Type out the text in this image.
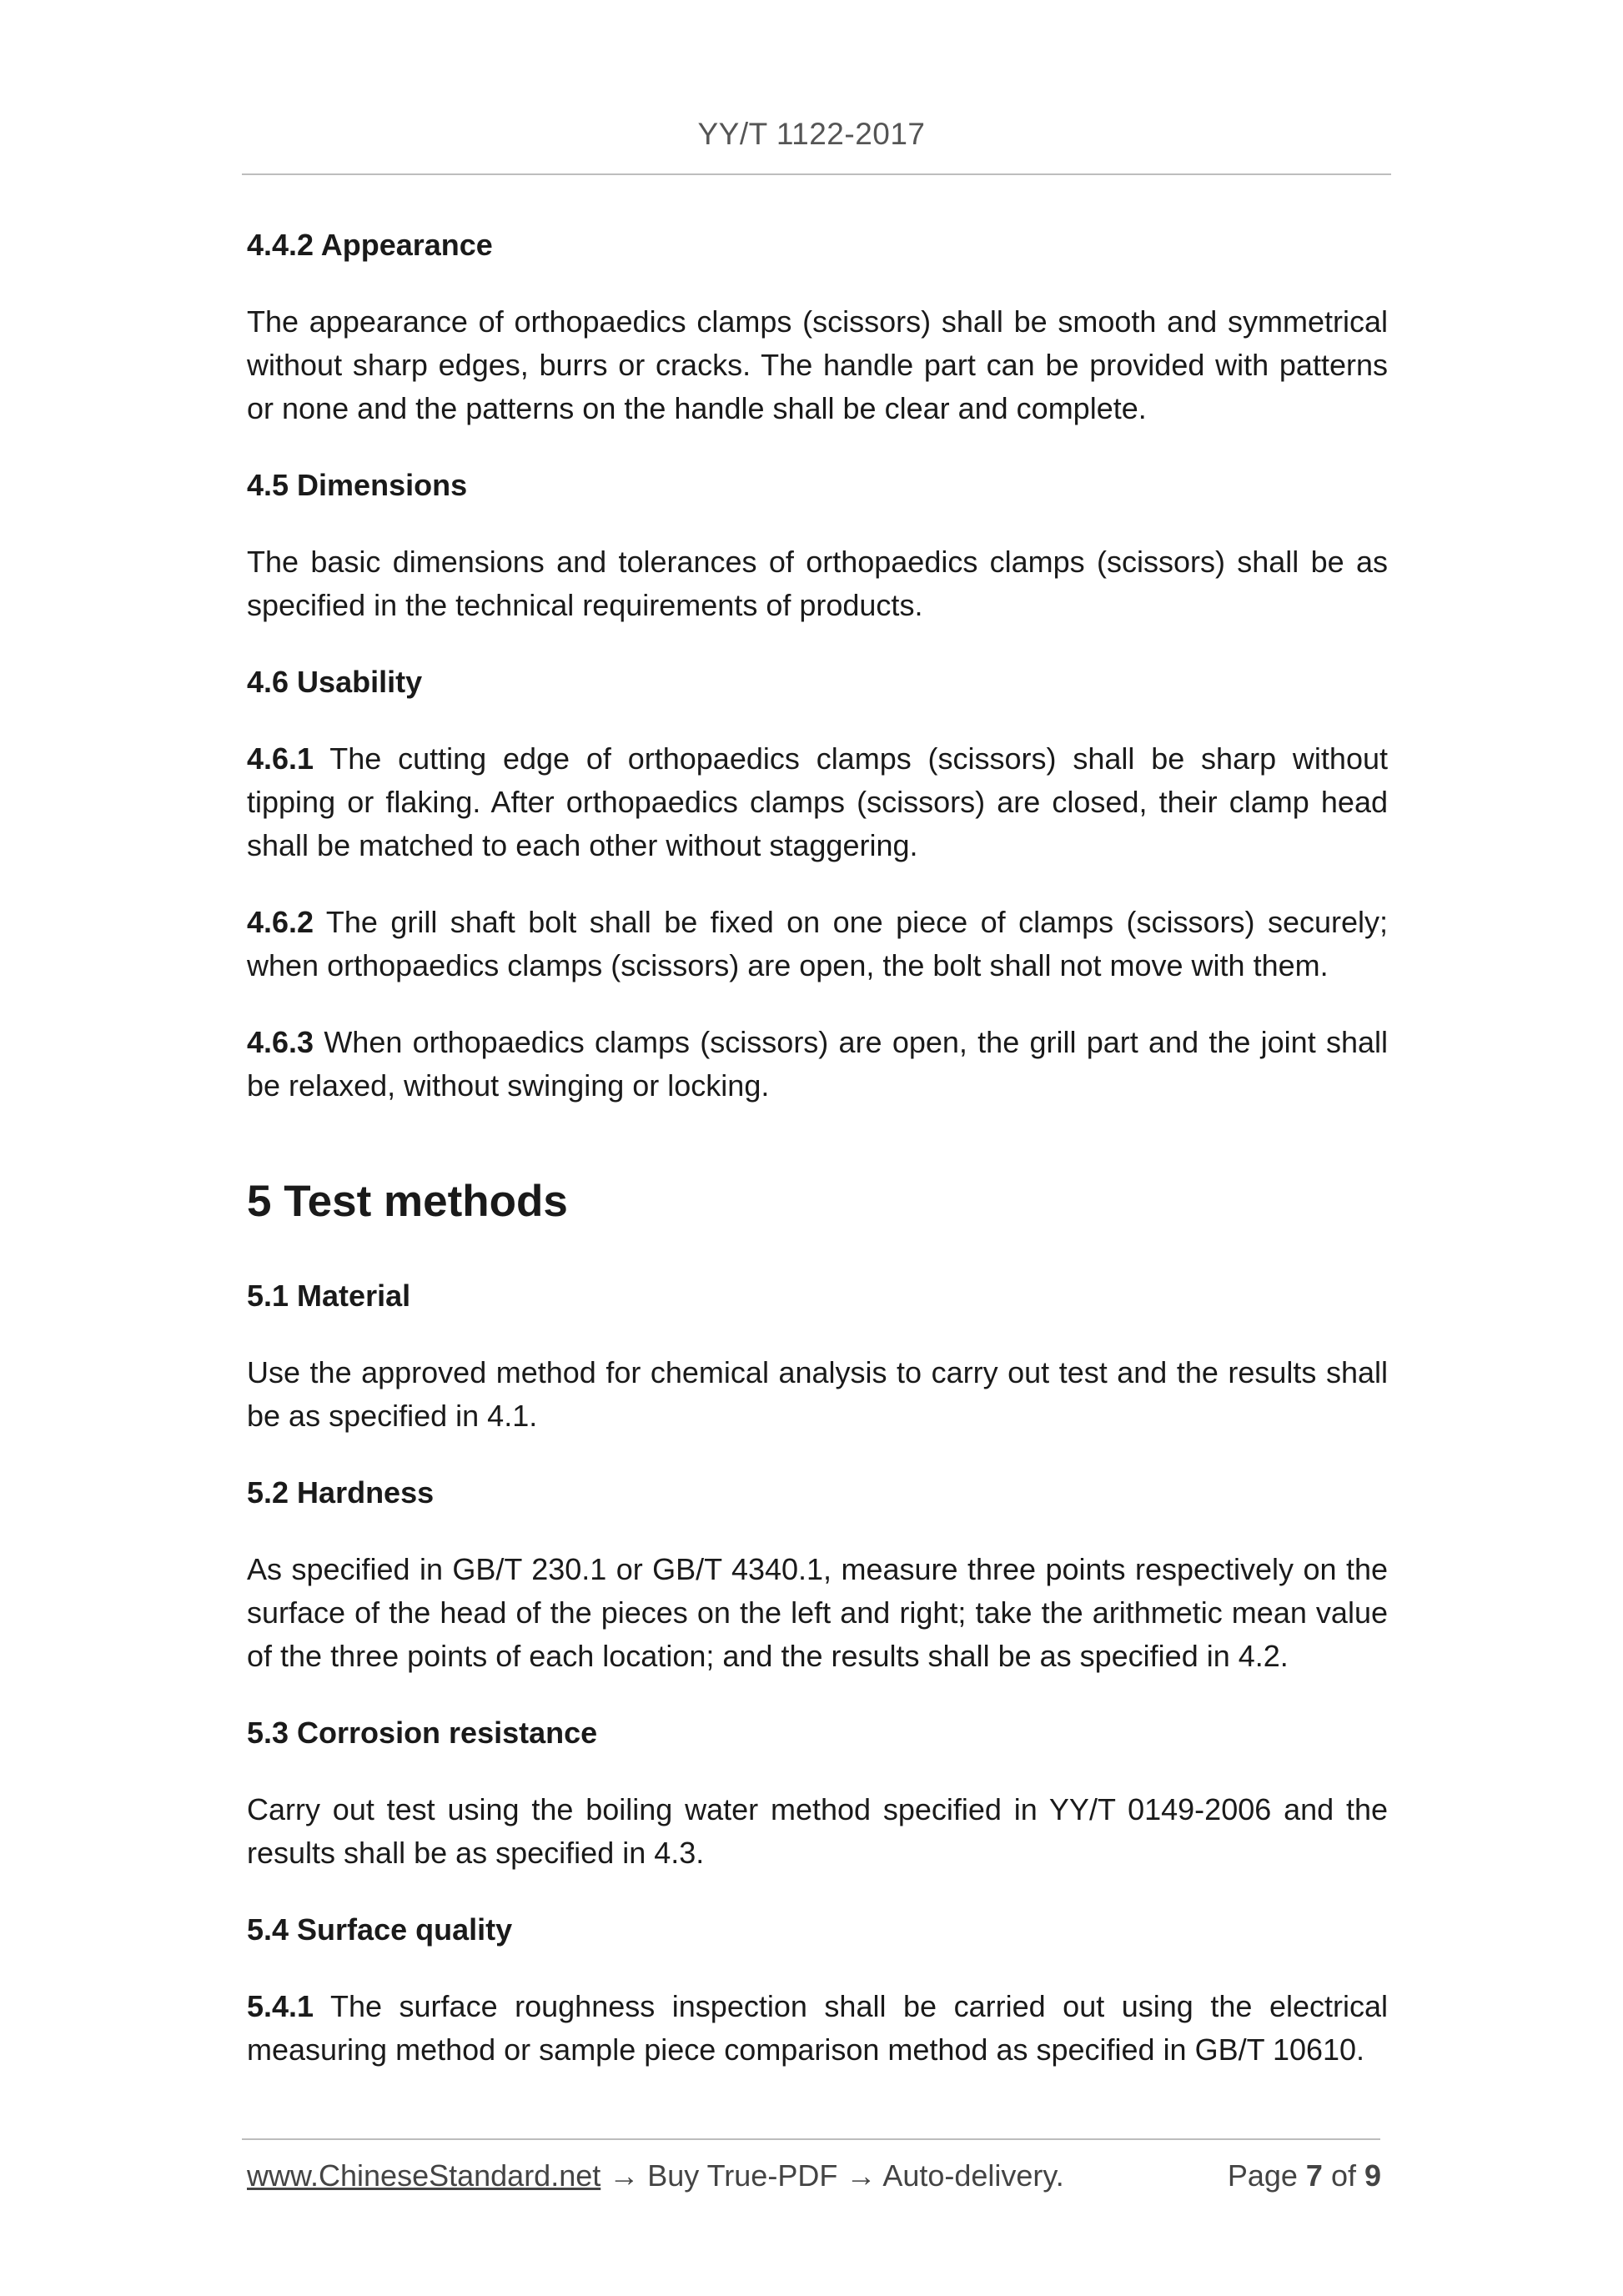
YY/T 1122-2017

4.4.2 Appearance

The appearance of orthopaedics clamps (scissors) shall be smooth and symmetrical without sharp edges, burrs or cracks. The handle part can be provided with patterns or none and the patterns on the handle shall be clear and complete.

4.5 Dimensions

The basic dimensions and tolerances of orthopaedics clamps (scissors) shall be as specified in the technical requirements of products.

4.6 Usability

4.6.1 The cutting edge of orthopaedics clamps (scissors) shall be sharp without tipping or flaking. After orthopaedics clamps (scissors) are closed, their clamp head shall be matched to each other without staggering.

4.6.2 The grill shaft bolt shall be fixed on one piece of clamps (scissors) securely; when orthopaedics clamps (scissors) are open, the bolt shall not move with them.

4.6.3 When orthopaedics clamps (scissors) are open, the grill part and the joint shall be relaxed, without swinging or locking.

5 Test methods

5.1 Material

Use the approved method for chemical analysis to carry out test and the results shall be as specified in 4.1.

5.2 Hardness

As specified in GB/T 230.1 or GB/T 4340.1, measure three points respectively on the surface of the head of the pieces on the left and right; take the arithmetic mean value of the three points of each location; and the results shall be as specified in 4.2.

5.3 Corrosion resistance

Carry out test using the boiling water method specified in YY/T 0149-2006 and the results shall be as specified in 4.3.

5.4 Surface quality

5.4.1 The surface roughness inspection shall be carried out using the electrical measuring method or sample piece comparison method as specified in GB/T 10610.

www.ChineseStandard.net → Buy True-PDF → Auto-delivery.	Page 7 of 9
